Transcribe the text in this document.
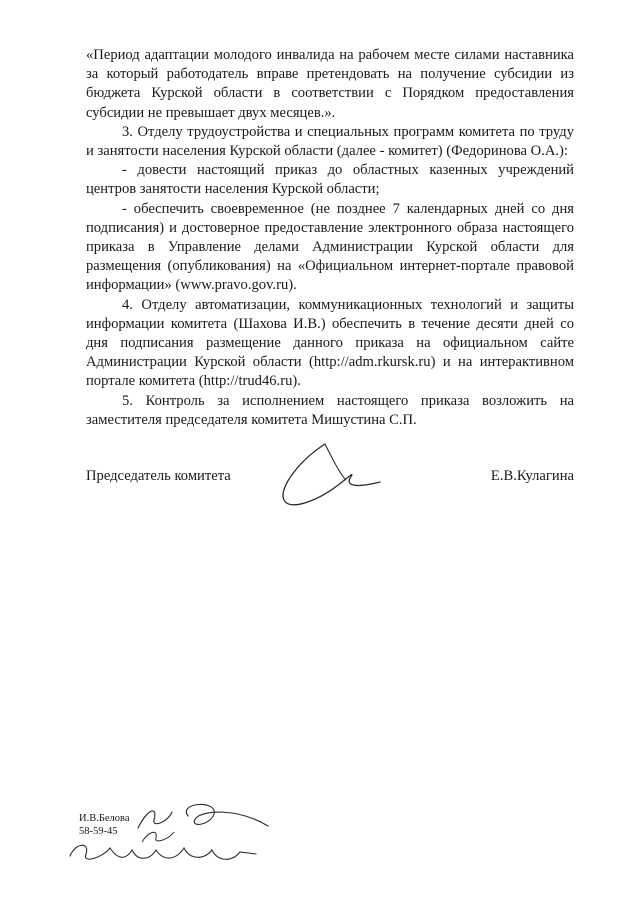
«Период адаптации молодого инвалида на рабочем месте силами наставника за который работодатель вправе претендовать на получение субсидии из бюджета Курской области в соответствии с Порядком предоставления субсидии не превышает двух месяцев.».

3. Отделу трудоустройства и специальных программ комитета по труду и занятости населения Курской области (далее - комитет) (Федоринова О.А.):

- довести настоящий приказ до областных казенных учреждений центров занятости населения Курской области;

- обеспечить своевременное (не позднее 7 календарных дней со дня подписания) и достоверное предоставление электронного образа настоящего приказа в Управление делами Администрации Курской области для размещения (опубликования) на «Официальном интернет-портале правовой информации» (www.pravo.gov.ru).

4. Отделу автоматизации, коммуникационных технологий и защиты информации комитета (Шахова И.В.) обеспечить в течение десяти дней со дня подписания размещение данного приказа на официальном сайте Администрации Курской области (http://adm.rkursk.ru) и на интерактивном портале комитета (http://trud46.ru).

5. Контроль за исполнением настоящего приказа возложить на заместителя председателя комитета Мишустина С.П.

Председатель комитета	Е.В.Кулагина
И.В.Белова
58-59-45
